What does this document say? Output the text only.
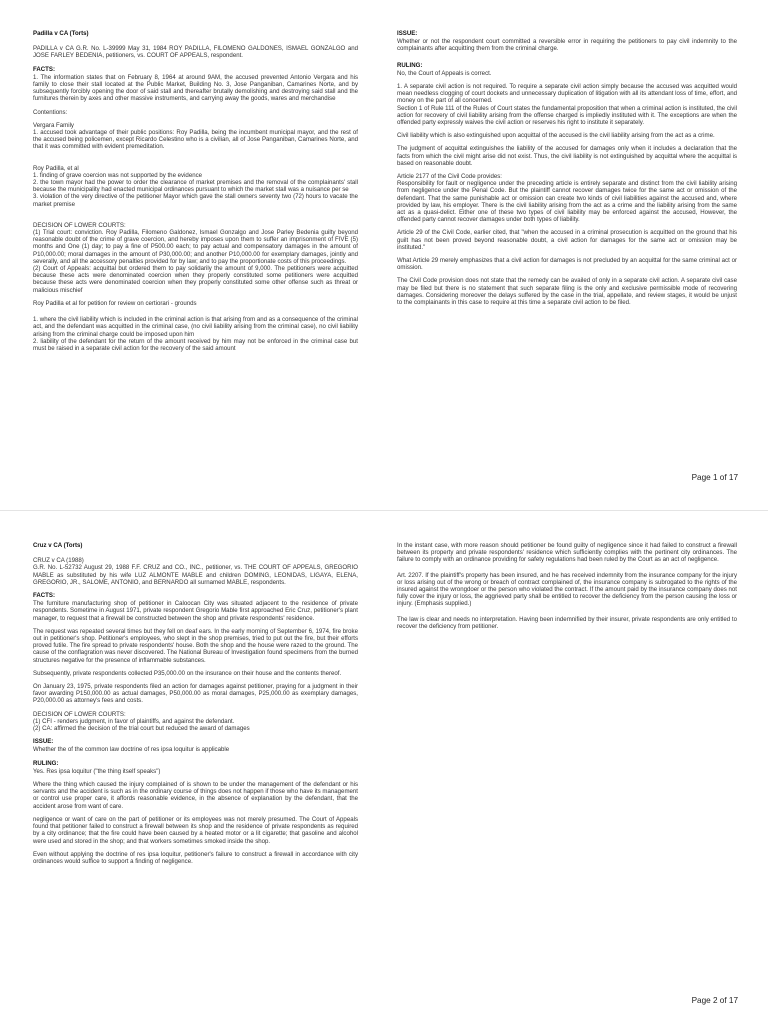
Padilla v CA (Torts)

PADILLA v CA G.R. No. L-39999 May 31, 1984 ROY PADILLA, FILOMENO GALDONES, ISMAEL GONZALGO and JOSE FARLEY BEDENIA, petitioners, vs. COURT OF APPEALS, respondent.

FACTS:

1. The information states that on February 8, 1964 at around 9AM, the accused prevented Antonio Vergara and his family to close their stall located at the Public Market, Building No. 3, Jose Panganiban, Camarines Norte, and by subsequently forcibly opening the door of said stall and thereafter brutally demolishing and destroying said stall and the furnitures therein by axes and other massive instruments, and carrying away the goods, wares and merchandise

Contentions:

Vergara Family

1. accused took advantage of their public positions: Roy Padilla, being the incumbent municipal mayor, and the rest of the accused being policemen, except Ricardo Celestino who is a civilian, all of Jose Panganiban, Camarines Norte, and that it was committed with evident premeditation.

Roy Padilla, et al

1. finding of grave coercion was not supported by the evidence
2. the town mayor had the power to order the clearance of market premises and the removal of the complainants' stall because the municipality had enacted municipal ordinances pursuant to which the market stall was a nuisance per se
3. violation of the very directive of the petitioner Mayor which gave the stall owners seventy two (72) hours to vacate the market premise

DECISION OF LOWER COURTS:

(1) Trial court: conviction. Roy Padilla, Filomeno Galdonez, Ismael Gonzalgo and Jose Parley Bedenia guilty beyond reasonable doubt of the crime of grave coercion, and hereby imposes upon them to suffer an imprisonment of FIVE (5) months and One (1) day; to pay a fine of P500.00 each; to pay actual and compensatory damages in the amount of P10,000.00; moral damages in the amount of P30,000.00; and another P10,000.00 for exemplary damages, jointly and severally, and all the accessory penalties provided for by law; and to pay the proportionate costs of this proceedings.
(2) Court of Appeals: acquittal but ordered them to pay solidarily the amount of 9,000. The petitioners were acquitted because these acts were denominated coercion when they properly constituted some petitioners were acquitted because these acts were denominated coercion when they properly constituted some other offense such as threat or malicious mischief

Roy Padilla et al for petition for review on certiorari - grounds

1. where the civil liability which is included in the criminal action is that arising from and as a consequence of the criminal act, and the defendant was acquitted in the criminal case, (no civil liability arising from the criminal case), no civil liability arising from the criminal charge could be imposed upon him
2. liability of the defendant for the return of the amount received by him may not be enforced in the criminal case but must be raised in a separate civil action for the recovery of the said amount

ISSUE:

Whether or not the respondent court committed a reversible error in requiring the petitioners to pay civil indemnity to the complainants after acquitting them from the criminal charge.

RULING:

No, the Court of Appeals is correct.

1. A separate civil action is not required. To require a separate civil action simply because the accused was acquitted would mean needless clogging of court dockets and unnecessary duplication of litigation with all its attendant loss of time, effort, and money on the part of all concerned.
Section 1 of Rule 111 of the Rules of Court states the fundamental proposition that when a criminal action is instituted, the civil action for recovery of civil liability arising from the offense charged is impliedly instituted with it. The exceptions are when the offended party expressly waives the civil action or reserves his right to institute it separately.

Civil liability which is also extinguished upon acquittal of the accused is the civil liability arising from the act as a crime.

The judgment of acquittal extinguishes the liability of the accused for damages only when it includes a declaration that the facts from which the civil might arise did not exist. Thus, the civil liability is not extinguished by acquittal where the acquittal is based on reasonable doubt.

Article 2177 of the Civil Code provides:
Responsibility for fault or negligence under the preceding article is entirely separate and distinct from the civil liability arising from negligence under the Penal Code. But the plaintiff cannot recover damages twice for the same act or omission of the defendant. That the same punishable act or omission can create two kinds of civil liabilities against the accused and, where provided by law, his employer. There is the civil liability arising from the act as a crime and the liability arising from the same act as a quasi-delict. Either one of these two types of civil liability may be enforced against the accused, However, the offended party cannot recover damages under both types of liability.

Article 29 of the Civil Code, earlier cited, that "when the accused in a criminal prosecution is acquitted on the ground that his guilt has not been proved beyond reasonable doubt, a civil action for damages for the same act or omission may be instituted."

What Article 29 merely emphasizes that a civil action for damages is not precluded by an acquittal for the same criminal act or omission.

The Civil Code provision does not state that the remedy can be availed of only in a separate civil action. A separate civil case may be filed but there is no statement that such separate filing is the only and exclusive permissible mode of recovering damages. Considering moreover the delays suffered by the case in the trial, appellate, and review stages, it would be unjust to the complainants in this case to require at this time a separate civil action to be filed.

Page 1 of 17

Cruz v CA (Torts)

CRUZ v CA (1988)
G.R. No. L-52732 August 29, 1988 F.F. CRUZ and CO., INC., petitioner, vs. THE COURT OF APPEALS, GREGORIO MABLE as substituted by his wife LUZ ALMONTE MABLE and children DOMING, LEONIDAS, LIGAYA, ELENA, GREGORIO, JR., SALOME, ANTONIO, and BERNARDO all surnamed MABLE, respondents.

FACTS:

The furniture manufacturing shop of petitioner in Caloocan City was situated adjacent to the residence of private respondents. Sometime in August 1971, private respondent Gregorio Mable first approached Eric Cruz, petitioner's plant manager, to request that a firewall be constructed between the shop and private respondents' residence.

The request was repeated several times but they fell on deaf ears. In the early morning of September 6, 1974, fire broke out in petitioner's shop. Petitioner's employees, who slept in the shop premises, tried to put out the fire, but their efforts proved futile. The fire spread to private respondents' house. Both the shop and the house were razed to the ground. The cause of the conflagration was never discovered. The National Bureau of Investigation found specimens from the burned structures negative for the presence of inflammable substances.

Subsequently, private respondents collected P35,000.00 on the insurance on their house and the contents thereof.

On January 23, 1975, private respondents filed an action for damages against petitioner, praying for a judgment in their favor awarding P150,000.00 as actual damages, P50,000.00 as moral damages, P25,000.00 as exemplary damages, P20,000.00 as attorney's fees and costs.

DECISION OF LOWER COURTS:

(1) CFI - renders judgment, in favor of plaintiffs, and against the defendant.
(2) CA: affirmed the decision of the trial court but reduced the award of damages

ISSUE:

Whether the of the common law doctrine of res ipsa loquitur is applicable

RULING:

Yes. Res ipsa loquitur ("the thing itself speaks")

Where the thing which caused the injury complained of is shown to be under the management of the defendant or his servants and the accident is such as in the ordinary course of things does not happen if those who have its management or control use proper care, it affords reasonable evidence, in the absence of explanation by the defendant, that the accident arose from want of care.

negligence or want of care on the part of petitioner or its employees was not merely presumed. The Court of Appeals found that petitioner failed to construct a firewall between its shop and the residence of private respondents as required by a city ordinance; that the fire could have been caused by a heated motor or a lit cigarette; that gasoline and alcohol were used and stored in the shop; and that workers sometimes smoked inside the shop.

Even without applying the doctrine of res ipsa loquitur, petitioner's failure to construct a firewall in accordance with city ordinances would suffice to support a finding of negligence.

In the instant case, with more reason should petitioner be found guilty of negligence since it had failed to construct a firewall between its property and private respondents' residence which sufficiently complies with the pertinent city ordinances. The failure to comply with an ordinance providing for safety regulations had been ruled by the Court as an act of negligence.

Art. 2207. If the plaintiff's property has been insured, and he has received indemnity from the insurance company for the injury or loss arising out of the wrong or breach of contract complained of, the insurance company is subrogated to the rights of the insured against the wrongdoer or the person who violated the contract. If the amount paid by the insurance company does not fully cover the injury or loss, the aggrieved party shall be entitled to recover the deficiency from the person causing the loss or injury. (Emphasis supplied.)

The law is clear and needs no interpretation. Having been indemnified by their insurer, private respondents are only entitled to recover the deficiency from petitioner.

Page 2 of 17
